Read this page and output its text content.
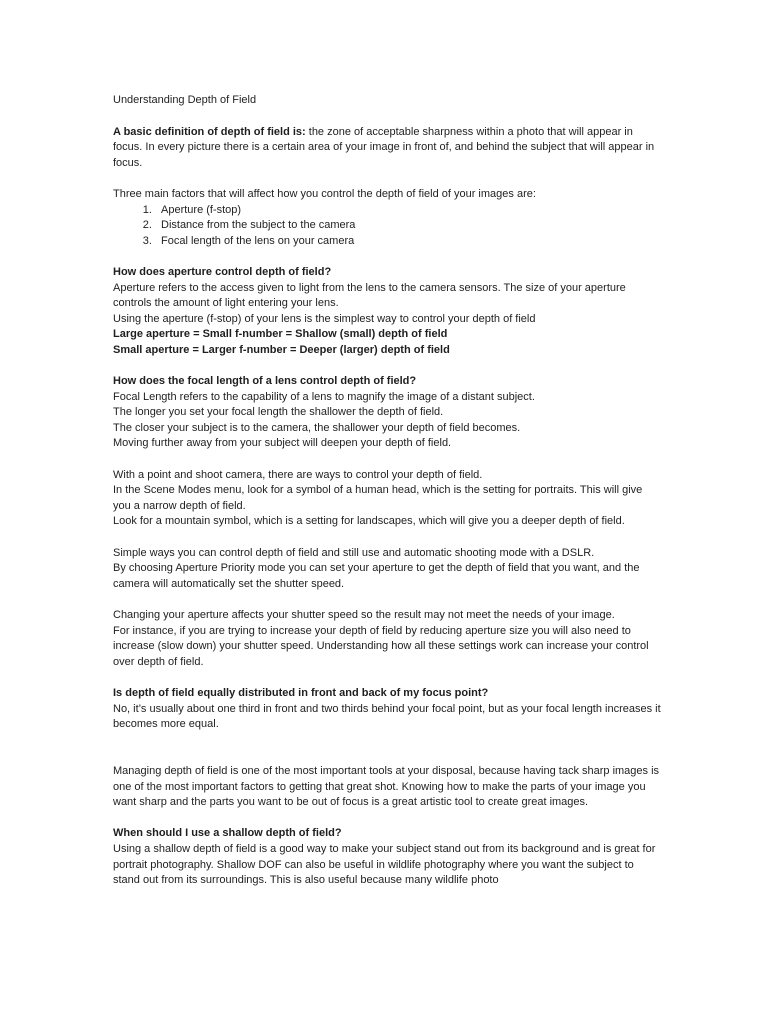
Understanding Depth of Field

A basic definition of depth of field is: the zone of acceptable sharpness within a photo that will appear in focus. In every picture there is a certain area of your image in front of, and behind the subject that will appear in focus.

Three main factors that will affect how you control the depth of field of your images are:

1. Aperture (f-stop)
2. Distance from the subject to the camera
3. Focal length of the lens on your camera

How does aperture control depth of field?

Aperture refers to the access given to light from the lens to the camera sensors. The size of your aperture controls the amount of light entering your lens.

Using the aperture (f-stop) of your lens is the simplest way to control your depth of field

Large aperture = Small f-number = Shallow (small) depth of field

Small aperture = Larger f-number = Deeper (larger) depth of field

How does the focal length of a lens control depth of field?

Focal Length refers to the capability of a lens to magnify the image of a distant subject.

The longer you set your focal length the shallower the depth of field.

The closer your subject is to the camera, the shallower your depth of field becomes.

Moving further away from your subject will deepen your depth of field.

With a point and shoot camera, there are ways to control your depth of field.

In the Scene Modes menu, look for a symbol of a human head, which is the setting for portraits. This will give you a narrow depth of field.

Look for a mountain symbol, which is a setting for landscapes, which will give you a deeper depth of field.

Simple ways you can control depth of field and still use and automatic shooting mode with a DSLR.

By choosing Aperture Priority mode you can set your aperture to get the depth of field that you want, and the camera will automatically set the shutter speed.

Changing your aperture affects your shutter speed so the result may not meet the needs of your image.

For instance, if you are trying to increase your depth of field by reducing aperture size you will also need to increase (slow down) your shutter speed. Understanding how all these settings work can increase your control over depth of field.

Is depth of field equally distributed in front and back of my focus point?

No, it’s usually about one third in front and two thirds behind your focal point, but as your focal length increases it becomes more equal.

Managing depth of field is one of the most important tools at your disposal, because having tack sharp images is one of the most important factors to getting that great shot. Knowing how to make the parts of your image you want sharp and the parts you want to be out of focus is a great artistic tool to create great images.

When should I use a shallow depth of field?

Using a shallow depth of field is a good way to make your subject stand out from its background and is great for portrait photography. Shallow DOF can also be useful in wildlife photography where you want the subject to stand out from its surroundings. This is also useful because many wildlife photo
